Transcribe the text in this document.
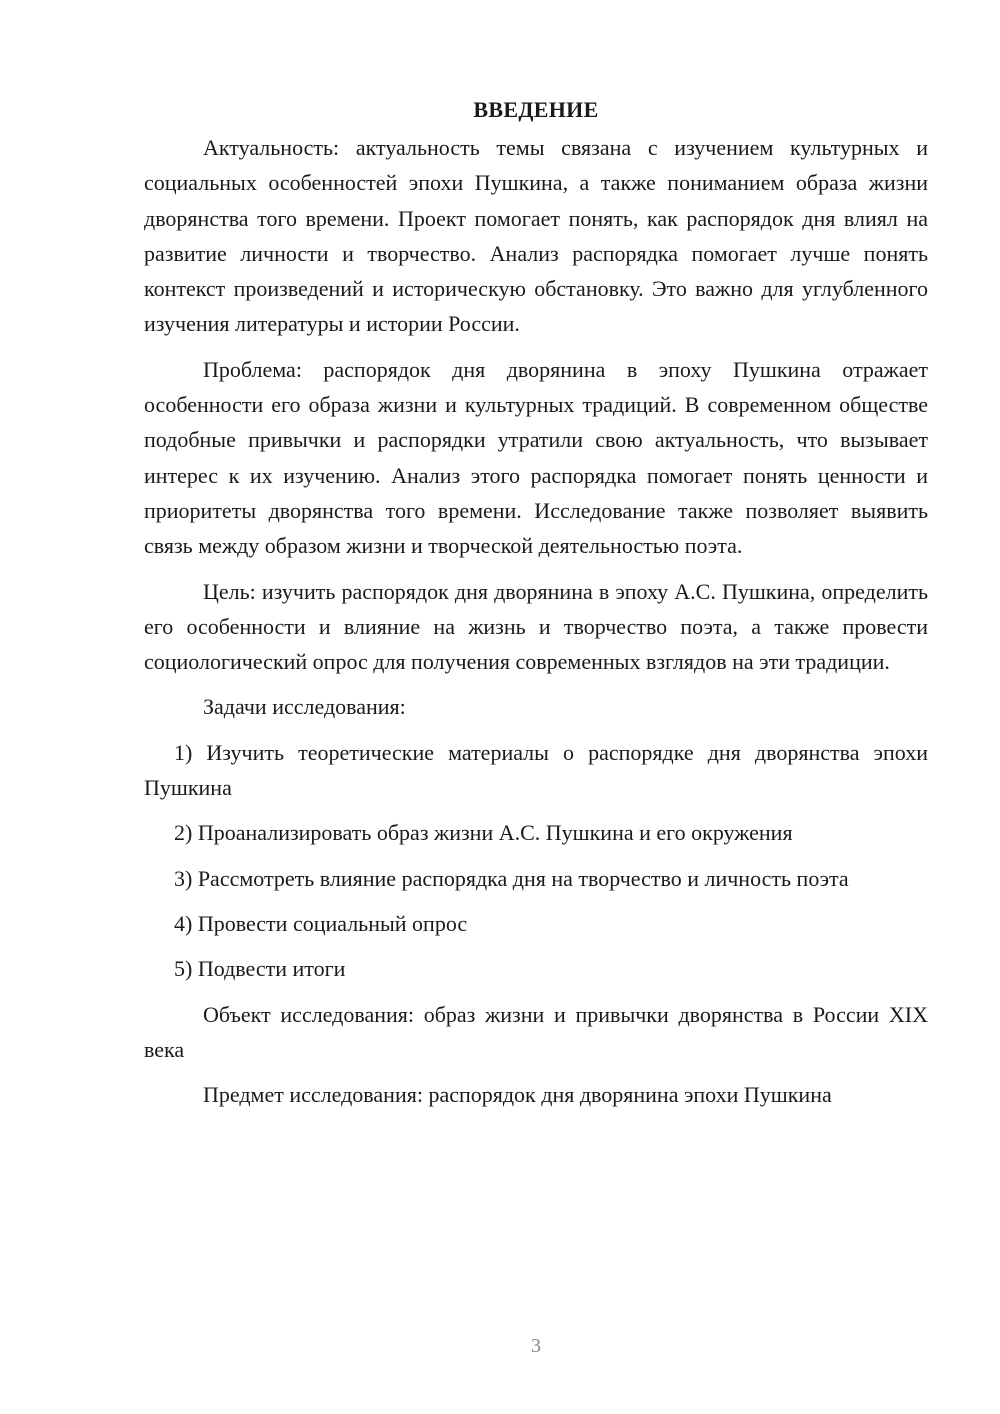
ВВЕДЕНИЕ

Актуальность: актуальность темы связана с изучением культурных и социальных особенностей эпохи Пушкина, а также пониманием образа жизни дворянства того времени. Проект помогает понять, как распорядок дня влиял на развитие личности и творчество. Анализ распорядка помогает лучше понять контекст произведений и историческую обстановку. Это важно для углубленного изучения литературы и истории России.

Проблема: распорядок дня дворянина в эпоху Пушкина отражает особенности его образа жизни и культурных традиций. В современном обществе подобные привычки и распорядки утратили свою актуальность, что вызывает интерес к их изучению. Анализ этого распорядка помогает понять ценности и приоритеты дворянства того времени. Исследование также позволяет выявить связь между образом жизни и творческой деятельностью поэта.

Цель: изучить распорядок дня дворянина в эпоху А.С. Пушкина, определить его особенности и влияние на жизнь и творчество поэта, а также провести социологический опрос для получения современных взглядов на эти традиции.

Задачи исследования:

1) Изучить теоретические материалы о распорядке дня дворянства эпохи Пушкина

2) Проанализировать образ жизни А.С. Пушкина и его окружения

3) Рассмотреть влияние распорядка дня на творчество и личность поэта

4) Провести социальный опрос

5) Подвести итоги

Объект исследования: образ жизни и привычки дворянства в России XIX века

Предмет исследования: распорядок дня дворянина эпохи Пушкина

3
